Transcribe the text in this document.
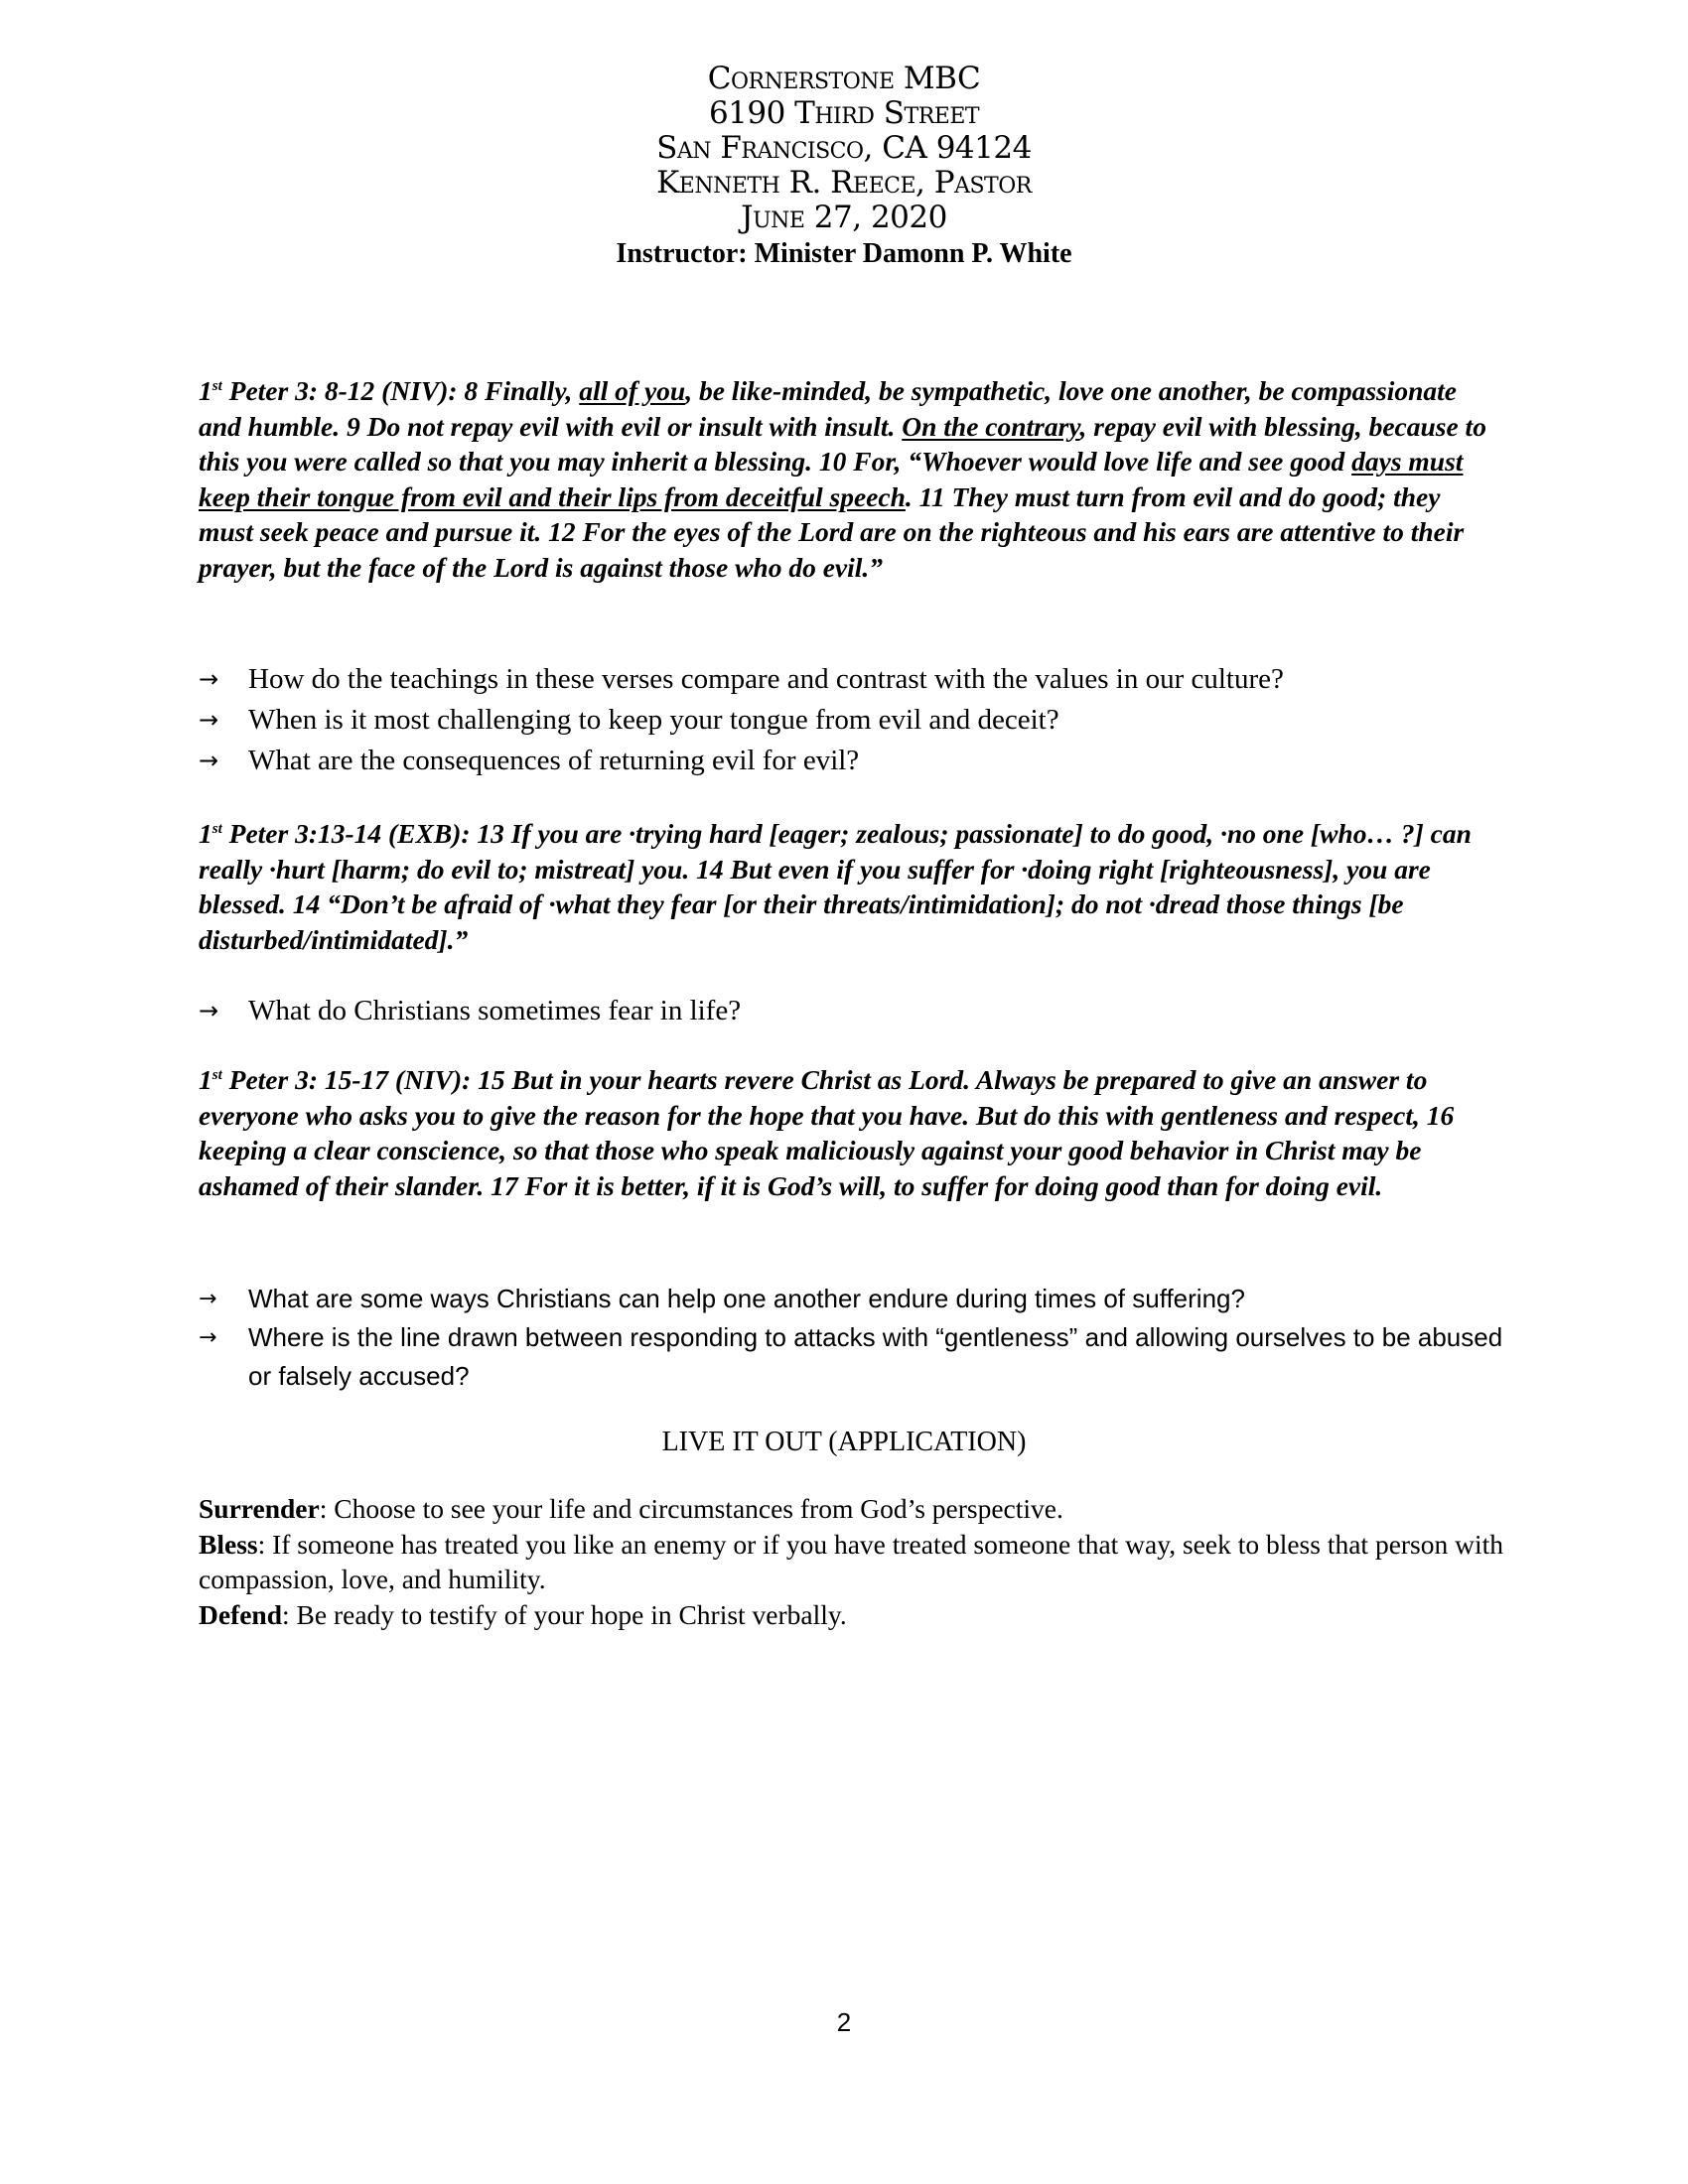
Cornerstone MBC
6190 Third Street
San Francisco, CA 94124
Kenneth R. Reece, Pastor
June 27, 2020
Instructor: Minister Damonn P. White
1st Peter 3: 8-12 (NIV): 8 Finally, all of you, be like-minded, be sympathetic, love one another, be compassionate and humble. 9 Do not repay evil with evil or insult with insult. On the contrary, repay evil with blessing, because to this you were called so that you may inherit a blessing. 10 For, “Whoever would love life and see good days must keep their tongue from evil and their lips from deceitful speech. 11 They must turn from evil and do good; they must seek peace and pursue it. 12 For the eyes of the Lord are on the righteous and his ears are attentive to their prayer, but the face of the Lord is against those who do evil.”
→	How do the teachings in these verses compare and contrast with the values in our culture?
→	When is it most challenging to keep your tongue from evil and deceit?
→	What are the consequences of returning evil for evil?
1st Peter 3:13-14 (EXB): 13 If you are ·trying hard [eager; zealous; passionate] to do good, ·no one [who… ?] can really ·hurt [harm; do evil to; mistreat] you. 14 But even if you suffer for ·doing right [righteousness], you are blessed. 14 “Don’t be afraid of ·what they fear [or their threats/intimidation]; do not ·dread those things [be disturbed/intimidated].”
→	What do Christians sometimes fear in life?
1st Peter 3: 15-17 (NIV): 15 But in your hearts revere Christ as Lord. Always be prepared to give an answer to everyone who asks you to give the reason for the hope that you have. But do this with gentleness and respect, 16 keeping a clear conscience, so that those who speak maliciously against your good behavior in Christ may be ashamed of their slander. 17 For it is better, if it is God’s will, to suffer for doing good than for doing evil.
→	What are some ways Christians can help one another endure during times of suffering?
→	Where is the line drawn between responding to attacks with “gentleness” and allowing ourselves to be abused or falsely accused?
LIVE IT OUT (APPLICATION)
Surrender: Choose to see your life and circumstances from God’s perspective.
Bless: If someone has treated you like an enemy or if you have treated someone that way, seek to bless that person with compassion, love, and humility.
Defend: Be ready to testify of your hope in Christ verbally.
2
